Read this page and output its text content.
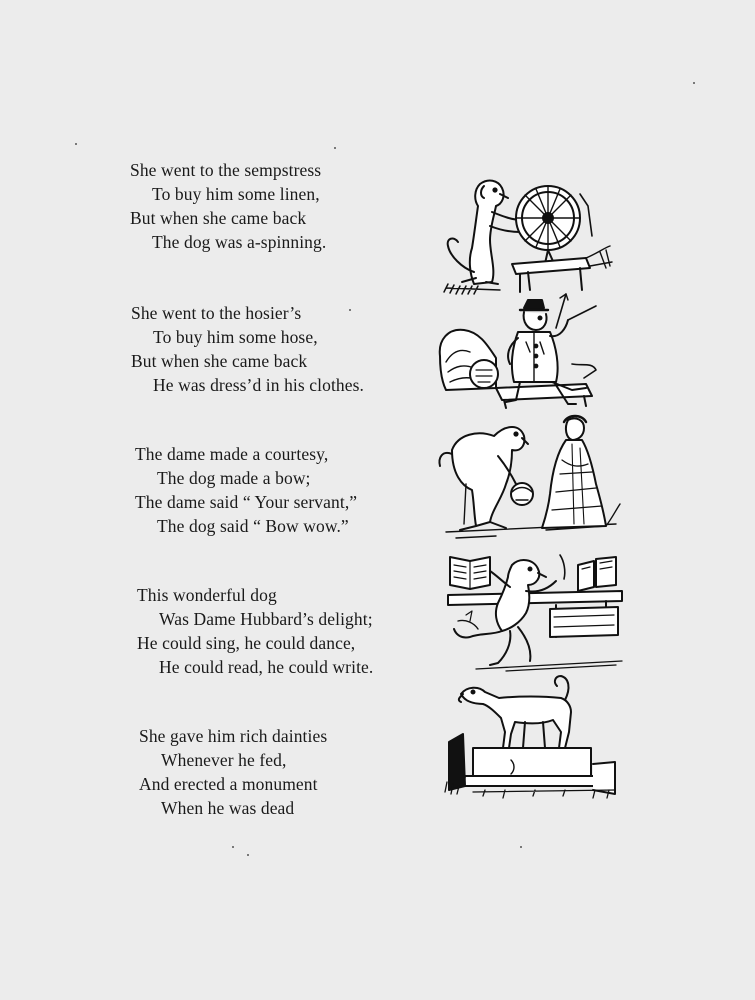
She went to the sempstress
To buy him some linen,
But when she came back
The dog was a-spinning.
She went to the hosier’s
To buy him some hose,
But when she came back
He was dress’d in his clothes.
The dame made a courtesy,
The dog made a bow;
The dame said “ Your servant,”
The dog said “ Bow wow.”
This wonderful dog
Was Dame Hubbard’s delight;
He could sing, he could dance,
He could read, he could write.
She gave him rich dainties
Whenever he fed,
And erected a monument
When he was dead
